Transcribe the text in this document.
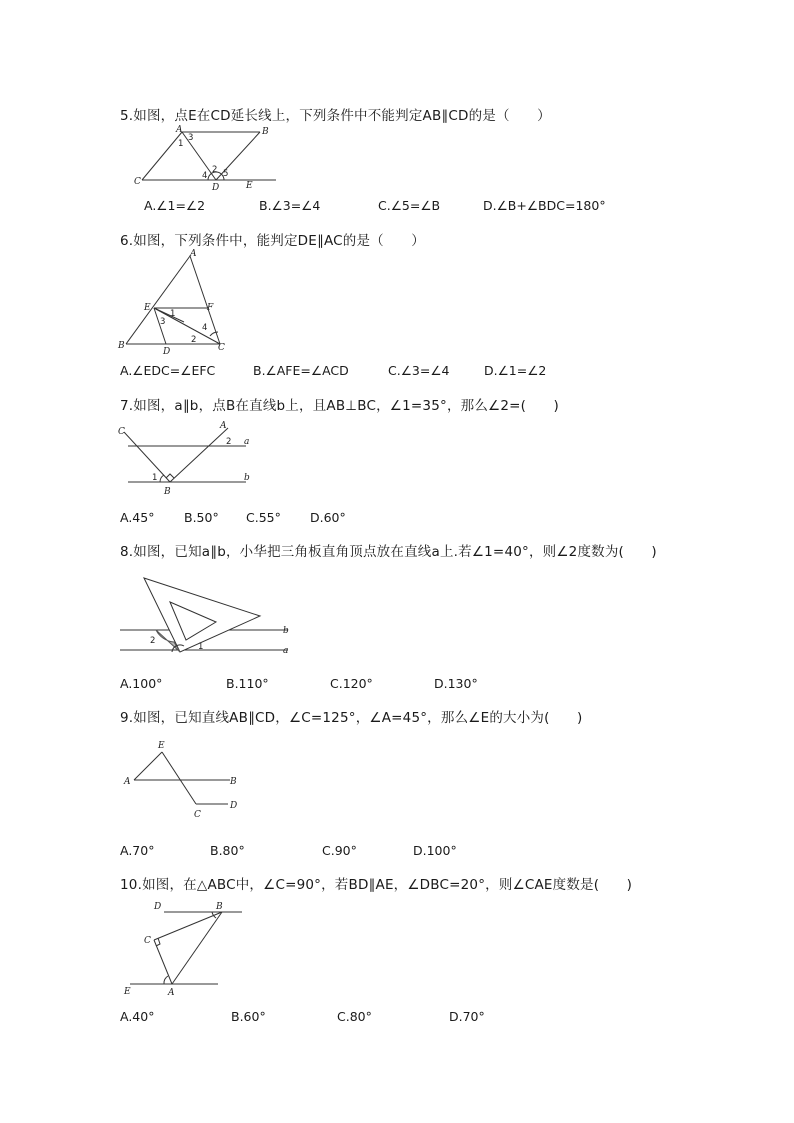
5.如图，点E在CD延长线上，下列条件中不能判定AB∥CD的是（　　）
A	B
C
D	E
1
2
3
4 5
A.∠1=∠2	B.∠3=∠4	C.∠5=∠B	D.∠B+∠BDC=180°
6.如图，下列条件中，能判定DE∥AC的是（　　）
A
B	C
D
E	F
1
2
3
4
A.∠EDC=∠EFC	B.∠AFE=∠ACD	C.∠3=∠4	D.∠1=∠2
7.如图，a∥b，点B在直线b上，且AB⊥BC，∠1=35°，那么∠2=(　　)
C
A
B
a
b
1
2
A.45° B.50° C.55° D.60°
8.如图，已知a∥b，小华把三角板直角顶点放在直线a上.若∠1=40°，则∠2度数为(　　)
b
a
1
2
A.100°	B.110°	C.120°	D.130°
9.如图，已知直线AB∥CD，∠C=125°，∠A=45°，那么∠E的大小为(　　)
A	B
C
D
E
A.70°	B.80°	C.90°	D.100°
10.如图，在△ABC中，∠C=90°，若BD∥AE，∠DBC=20°，则∠CAE度数是(　　)
D	B
C
E	A
A.40°	B.60°	C.80°	D.70°
